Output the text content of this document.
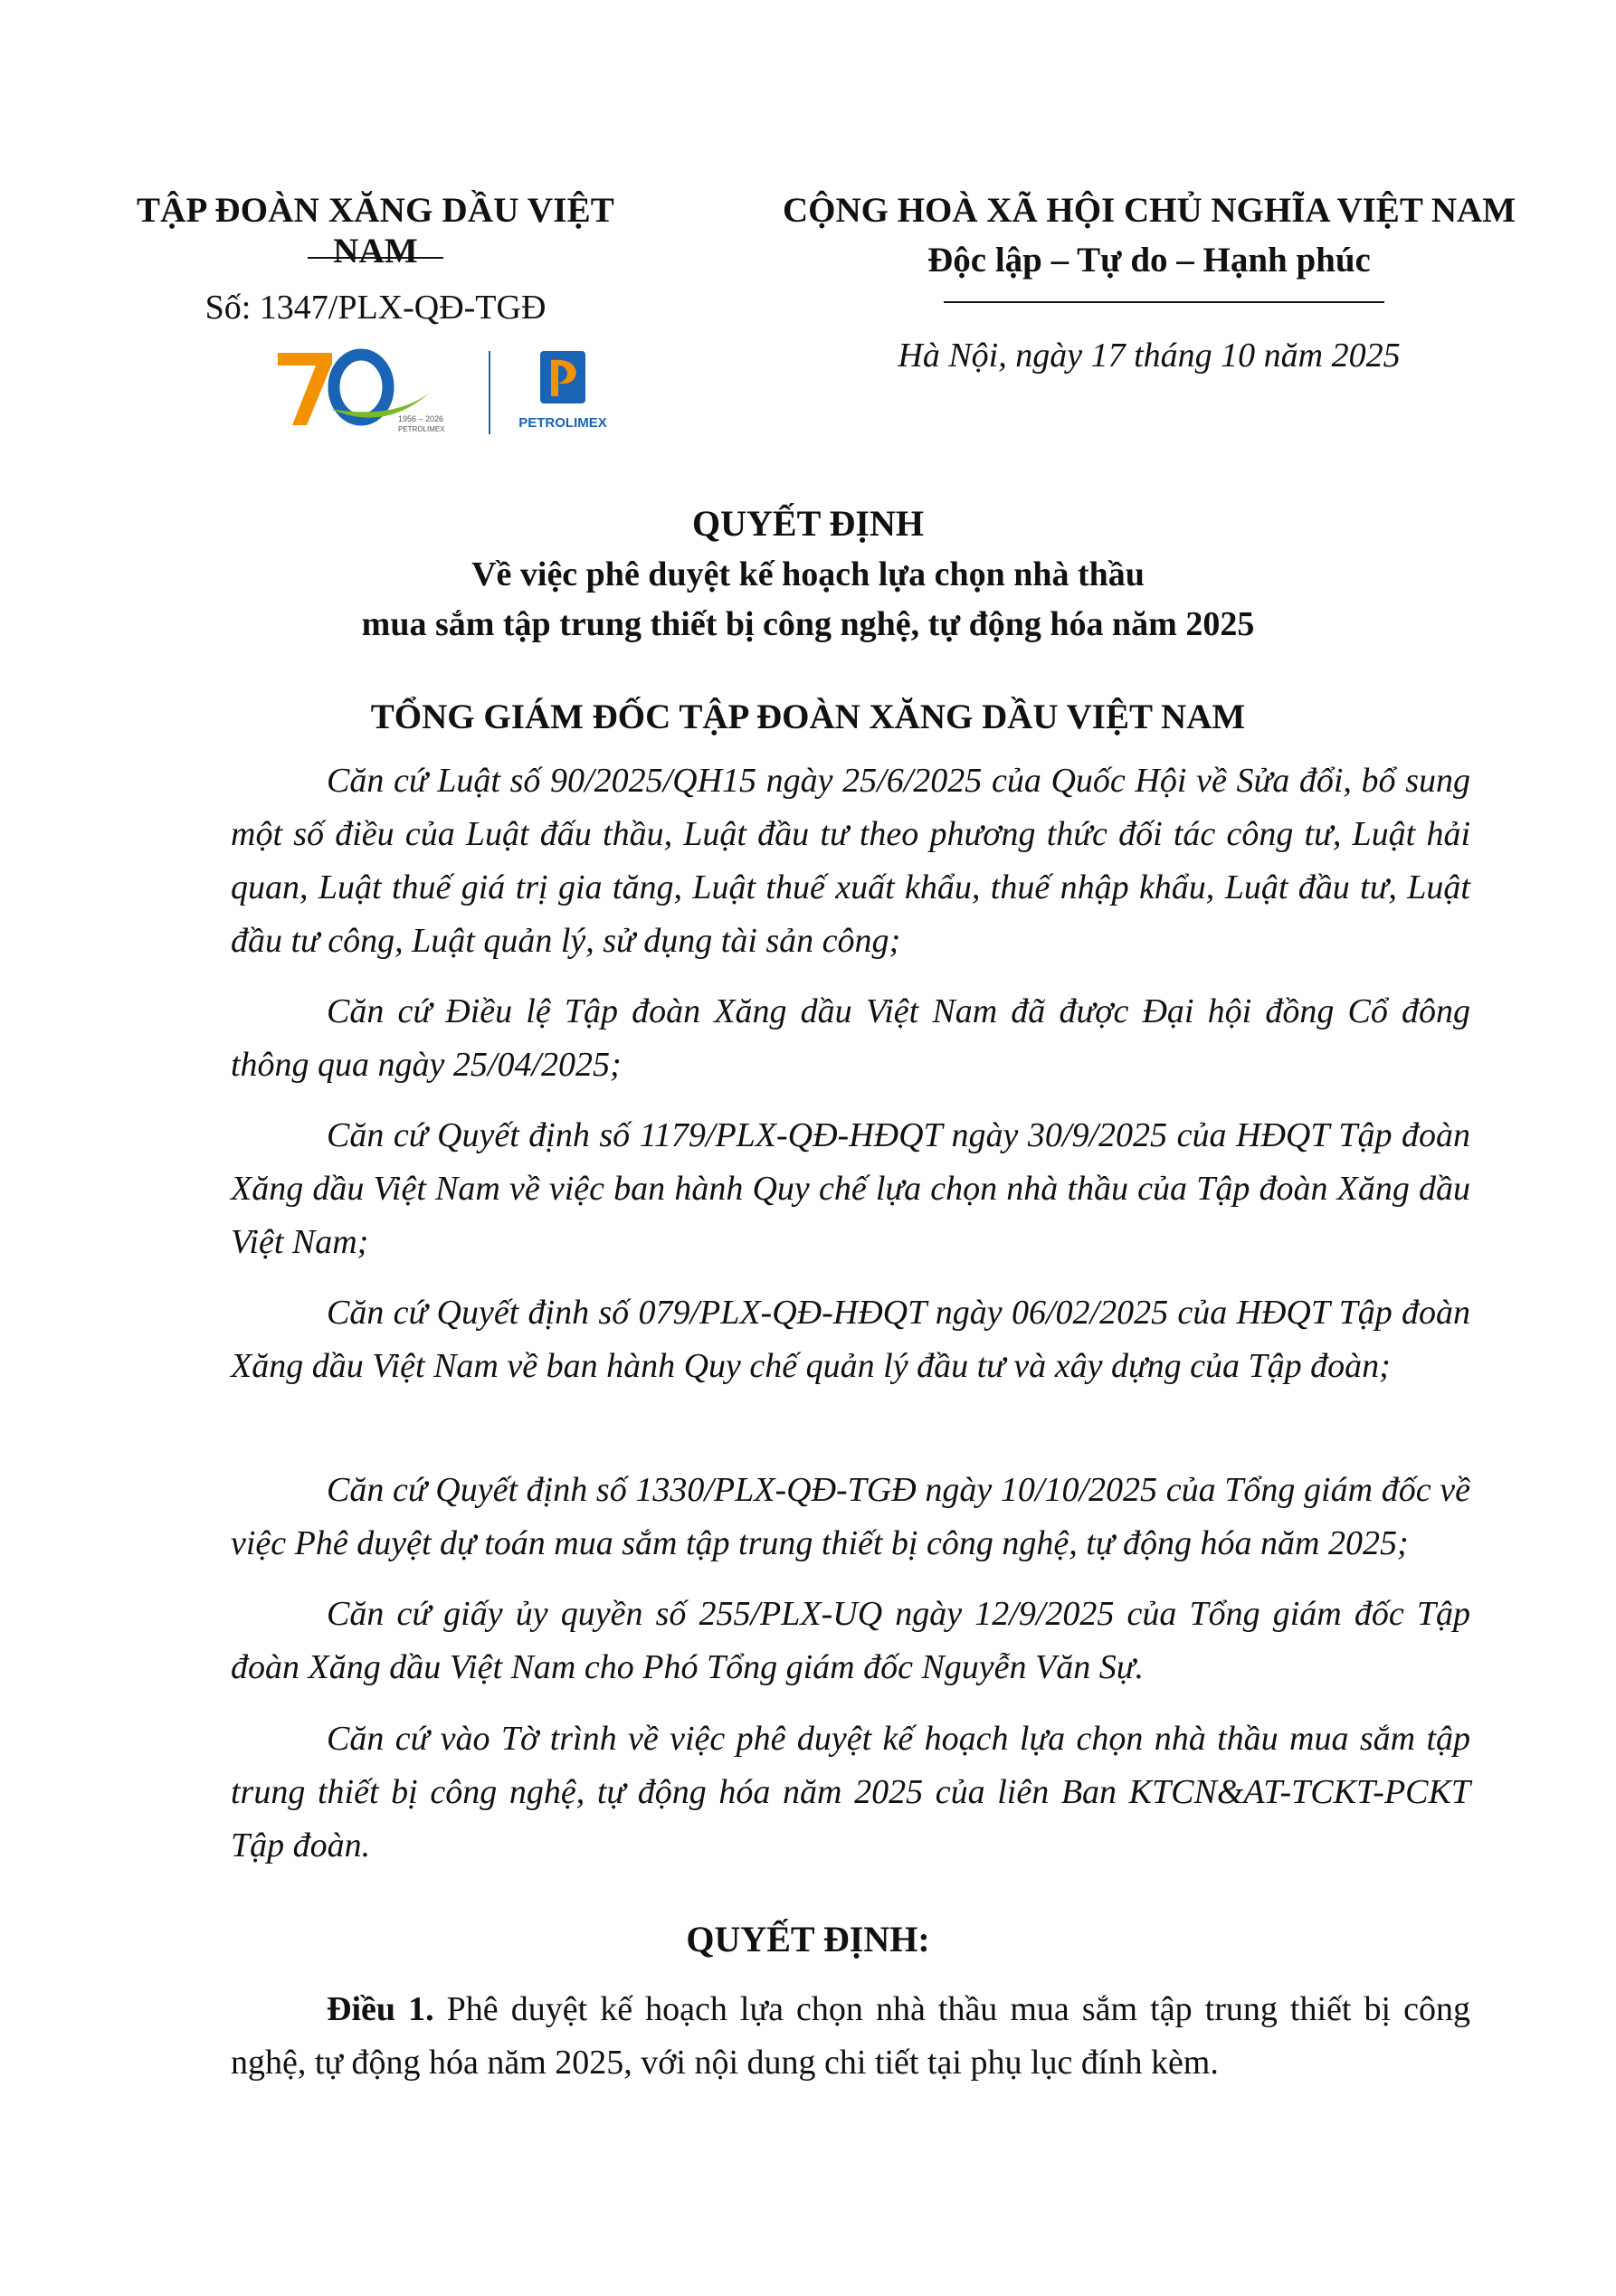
TẬP ĐOÀN XĂNG DẦU VIỆT NAM
Số: 1347/PLX-QĐ-TGĐ
1956 – 2026
PETROLIMEX	PETROLIMEX
CỘNG HOÀ XÃ HỘI CHỦ NGHĨA VIỆT NAM
Độc lập – Tự do – Hạnh phúc
Hà Nội, ngày 17 tháng 10 năm 2025
QUYẾT ĐỊNH
Về việc phê duyệt kế hoạch lựa chọn nhà thầu
mua sắm tập trung thiết bị công nghệ, tự động hóa năm 2025
TỔNG GIÁM ĐỐC TẬP ĐOÀN XĂNG DẦU VIỆT NAM

Căn cứ Luật số 90/2025/QH15 ngày 25/6/2025 của Quốc Hội về Sửa đổi, bổ sung một số điều của Luật đấu thầu, Luật đầu tư theo phương thức đối tác công tư, Luật hải quan, Luật thuế giá trị gia tăng, Luật thuế xuất khẩu, thuế nhập khẩu, Luật đầu tư, Luật đầu tư công, Luật quản lý, sử dụng tài sản công;

Căn cứ Điều lệ Tập đoàn Xăng dầu Việt Nam đã được Đại hội đồng Cổ đông thông qua ngày 25/04/2025;

Căn cứ Quyết định số 1179/PLX-QĐ-HĐQT ngày 30/9/2025 của HĐQT Tập đoàn Xăng dầu Việt Nam về việc ban hành Quy chế lựa chọn nhà thầu của Tập đoàn Xăng dầu Việt Nam;

Căn cứ Quyết định số 079/PLX-QĐ-HĐQT ngày 06/02/2025 của HĐQT Tập đoàn Xăng dầu Việt Nam về ban hành Quy chế quản lý đầu tư và xây dựng của Tập đoàn;

Căn cứ Quyết định số 1330/PLX-QĐ-TGĐ ngày 10/10/2025 của Tổng giám đốc về việc Phê duyệt dự toán mua sắm tập trung thiết bị công nghệ, tự động hóa năm 2025;

Căn cứ giấy ủy quyền số 255/PLX-UQ ngày 12/9/2025 của Tổng giám đốc Tập đoàn Xăng dầu Việt Nam cho Phó Tổng giám đốc Nguyễn Văn Sự.

Căn cứ vào Tờ trình về việc phê duyệt kế hoạch lựa chọn nhà thầu mua sắm tập trung thiết bị công nghệ, tự động hóa năm 2025 của liên Ban KTCN&AT-TCKT-PCKT Tập đoàn.

QUYẾT ĐỊNH:

Điều 1. Phê duyệt kế hoạch lựa chọn nhà thầu mua sắm tập trung thiết bị công nghệ, tự động hóa năm 2025, với nội dung chi tiết tại phụ lục đính kèm.
